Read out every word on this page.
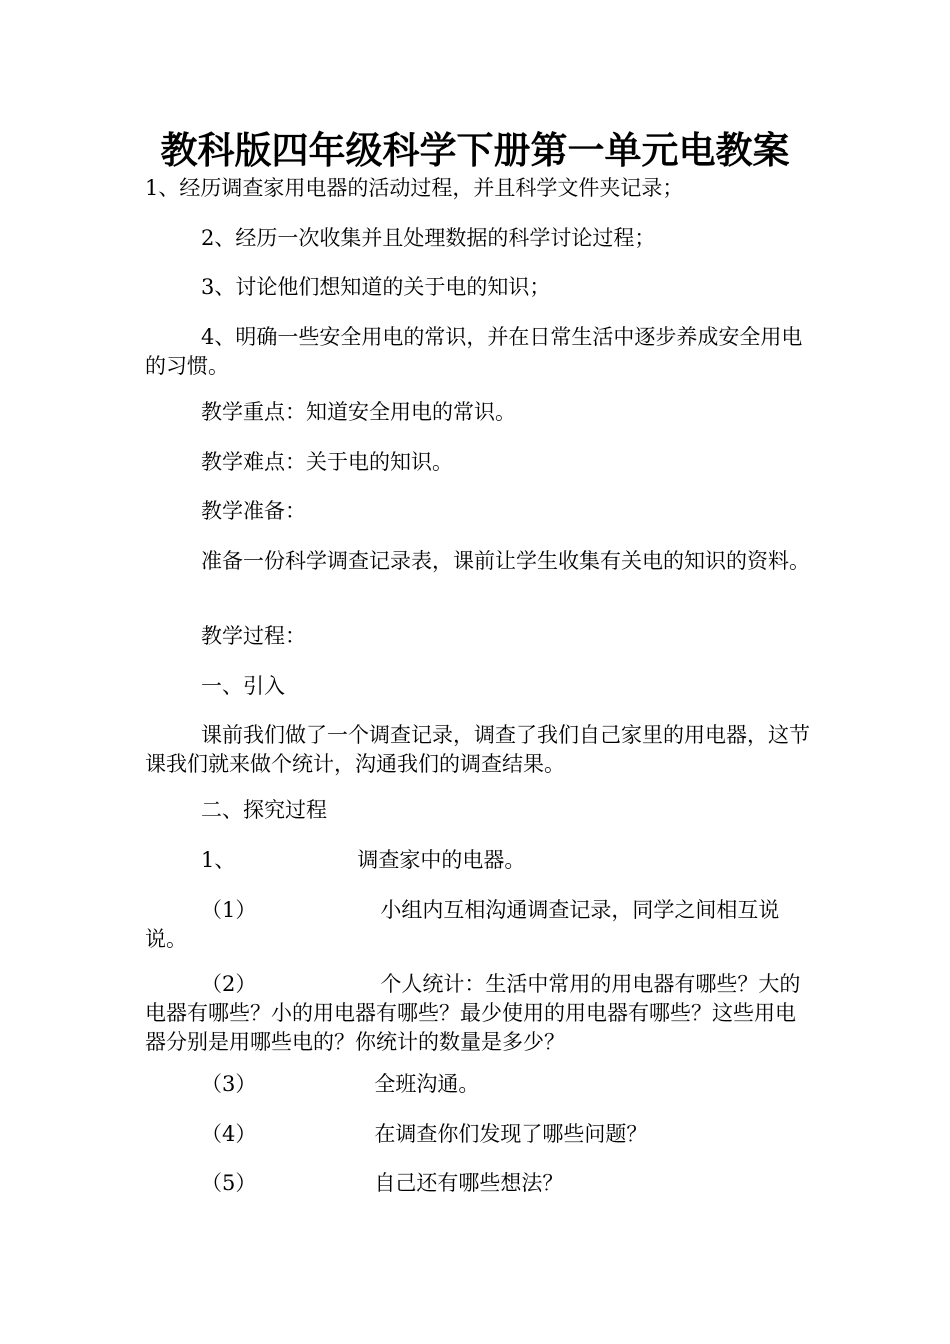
教科版四年级科学下册第一单元电教案

1、经历调查家用电器的活动过程，并且科学文件夹记录；

2、经历一次收集并且处理数据的科学讨论过程；

3、讨论他们想知道的关于电的知识；

4、明确一些安全用电的常识，并在日常生活中逐步养成安全用电的习惯。

教学重点：知道安全用电的常识。

教学难点：关于电的知识。

教学准备：

准备一份科学调查记录表，课前让学生收集有关电的知识的资料。

教学过程：

一、引入

课前我们做了一个调查记录，调查了我们自己家里的用电器，这节课我们就来做个统计，沟通我们的调查结果。

二、探究过程

1、	调查家中的电器。

（1）	小组内互相沟通调查记录，同学之间相互说说。

（2）	个人统计：生活中常用的用电器有哪些？大的电器有哪些？小的用电器有哪些？最少使用的用电器有哪些？这些用电器分别是用哪些电的？你统计的数量是多少？

（3）	全班沟通。

（4）	在调查你们发现了哪些问题？

（5）	自己还有哪些想法？
